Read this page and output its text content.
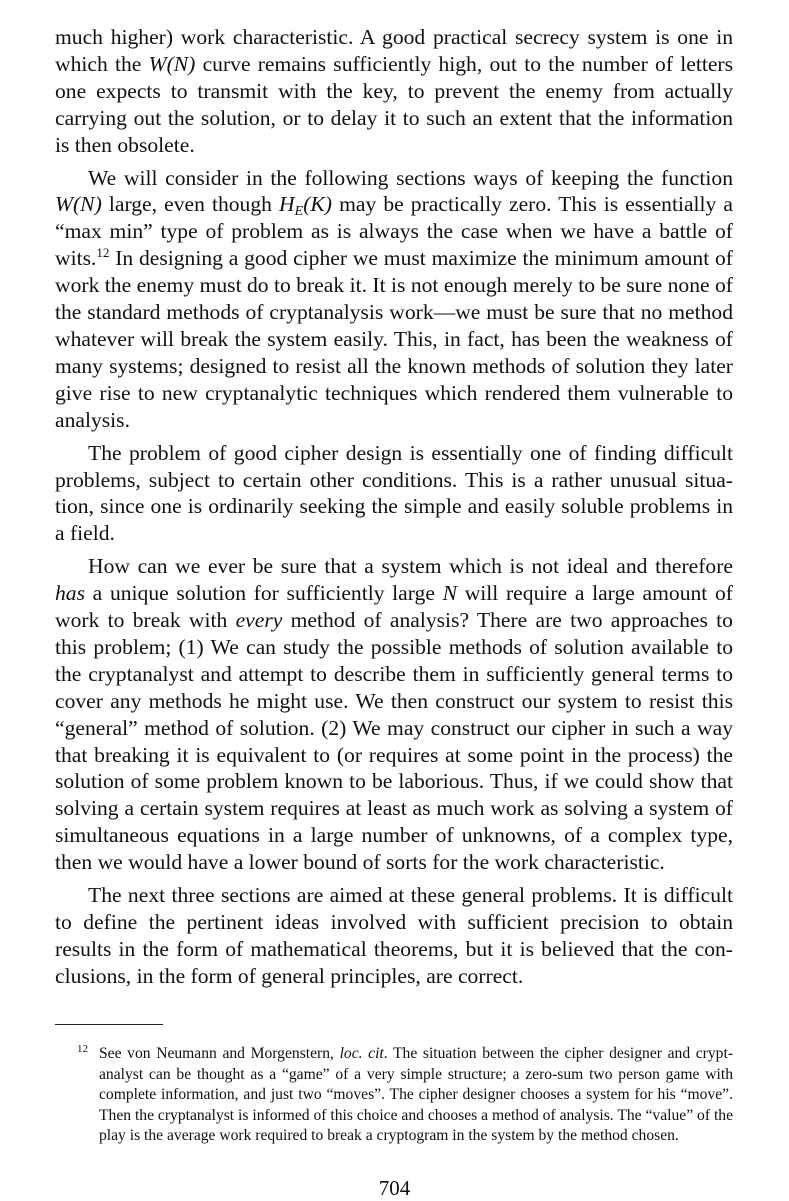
much higher) work characteristic. A good practical secrecy system is one in which the W(N) curve remains sufficiently high, out to the number of letters one expects to transmit with the key, to prevent the enemy from actually carrying out the solution, or to delay it to such an extent that the information is then obsolete.

We will consider in the following sections ways of keeping the function W(N) large, even though $H_E(K)$ may be practically zero. This is essentially a “max min” type of problem as is always the case when we have a battle of wits.$^{12}$ In designing a good cipher we must maximize the minimum amount of work the enemy must do to break it. It is not enough merely to be sure none of the standard methods of cryptanalysis work—we must be sure that no method whatever will break the system easily. This, in fact, has been the weakness of many systems; designed to resist all the known methods of solution they later give rise to new cryptanalytic techniques which rendered them vulnerable to analysis.

The problem of good cipher design is essentially one of finding difficult problems, subject to certain other conditions. This is a rather unusual situation, since one is ordinarily seeking the simple and easily soluble problems in a field.

How can we ever be sure that a system which is not ideal and therefore has a unique solution for sufficiently large N will require a large amount of work to break with every method of analysis? There are two approaches to this problem; (1) We can study the possible methods of solution available to the cryptanalyst and attempt to describe them in sufficiently general terms to cover any methods he might use. We then construct our system to resist this “general” method of solution. (2) We may construct our cipher in such a way that breaking it is equivalent to (or requires at some point in the process) the solution of some problem known to be laborious. Thus, if we could show that solving a certain system requires at least as much work as solving a system of simultaneous equations in a large number of unknowns, of a complex type, then we would have a lower bound of sorts for the work characteristic.

The next three sections are aimed at these general problems. It is difficult to define the pertinent ideas involved with sufficient precision to obtain results in the form of mathematical theorems, but it is believed that the conclusions, in the form of general principles, are correct.

12 See von Neumann and Morgenstern, loc. cit. The situation between the cipher designer and cryptanalyst can be thought as a “game” of a very simple structure; a zero-sum two person game with complete information, and just two “moves”. The cipher designer chooses a system for his “move”. Then the cryptanalyst is informed of this choice and chooses a method of analysis. The “value” of the play is the average work required to break a cryptogram in the system by the method chosen.
704
